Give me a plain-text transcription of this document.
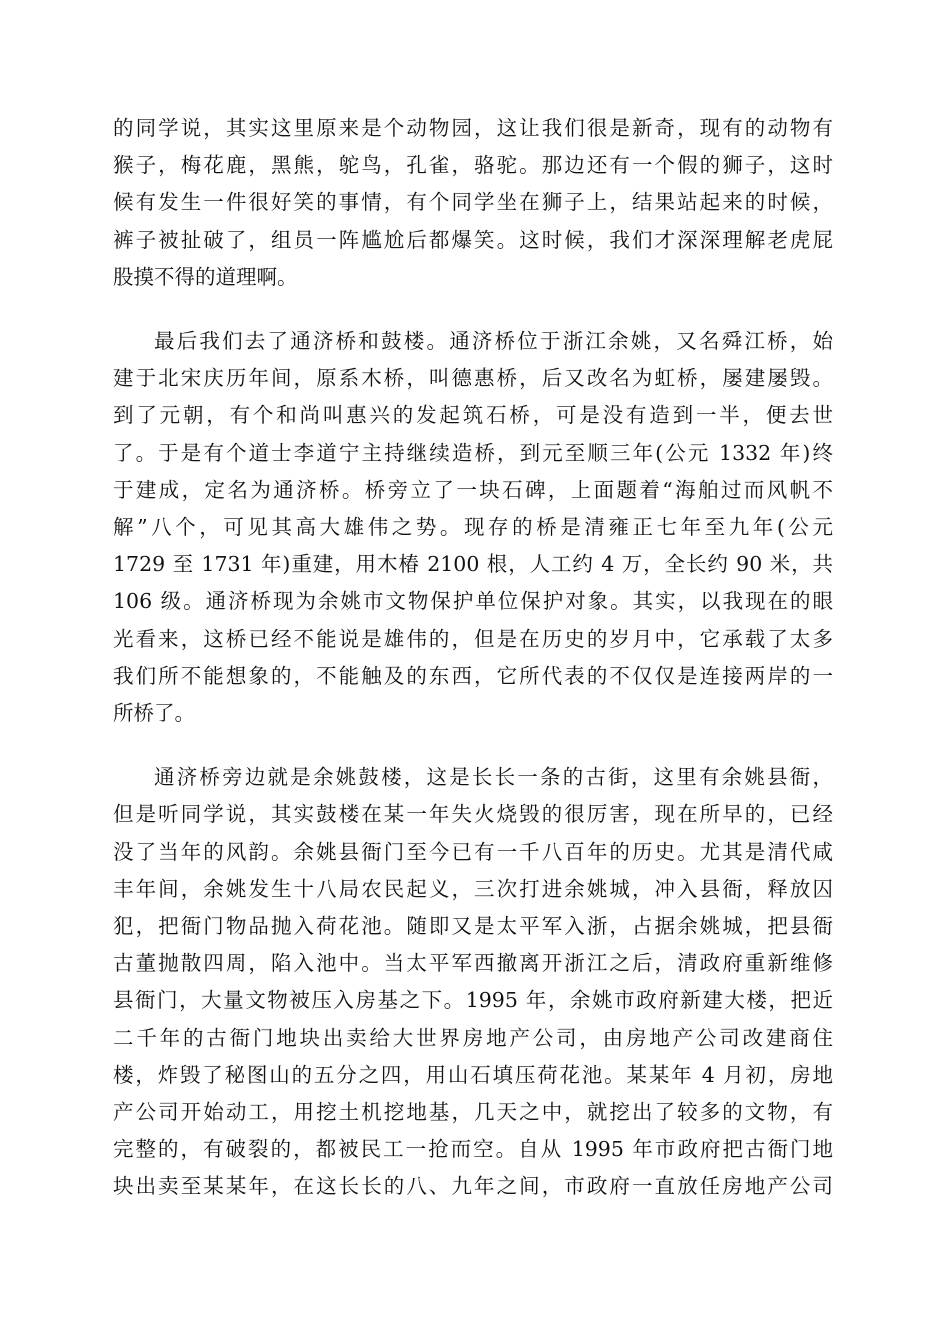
的同学说，其实这里原来是个动物园，这让我们很是新奇，现有的动物有
猴子，梅花鹿，黑熊，鸵鸟，孔雀，骆驼。那边还有一个假的狮子，这时
候有发生一件很好笑的事情，有个同学坐在狮子上，结果站起来的时候，
裤子被扯破了，组员一阵尴尬后都爆笑。这时候，我们才深深理解老虎屁
股摸不得的道理啊。
最后我们去了通济桥和鼓楼。通济桥位于浙江余姚，又名舜江桥，始
建于北宋庆历年间，原系木桥，叫德惠桥，后又改名为虹桥，屡建屡毁。
到了元朝，有个和尚叫惠兴的发起筑石桥，可是没有造到一半，便去世
了。于是有个道士李道宁主持继续造桥，到元至顺三年(公元 1332 年)终
于建成，定名为通济桥。桥旁立了一块石碑，上面题着“海舶过而风帆不
解”八个，可见其高大雄伟之势。现存的桥是清雍正七年至九年(公元
1729 至 1731 年)重建，用木椿 2100 根，人工约 4 万，全长约 90 米，共
106 级。通济桥现为余姚市文物保护单位保护对象。其实，以我现在的眼
光看来，这桥已经不能说是雄伟的，但是在历史的岁月中，它承载了太多
我们所不能想象的，不能触及的东西，它所代表的不仅仅是连接两岸的一
所桥了。
通济桥旁边就是余姚鼓楼，这是长长一条的古街，这里有余姚县衙，
但是听同学说，其实鼓楼在某一年失火烧毁的很厉害，现在所早的，已经
没了当年的风韵。余姚县衙门至今已有一千八百年的历史。尤其是清代咸
丰年间，余姚发生十八局农民起义，三次打进余姚城，冲入县衙，释放囚
犯，把衙门物品抛入荷花池。随即又是太平军入浙，占据余姚城，把县衙
古董抛散四周，陷入池中。当太平军西撤离开浙江之后，清政府重新维修
县衙门，大量文物被压入房基之下。1995 年，余姚市政府新建大楼，把近
二千年的古衙门地块出卖给大世界房地产公司，由房地产公司改建商住
楼，炸毁了秘图山的五分之四，用山石填压荷花池。某某年 4 月初，房地
产公司开始动工，用挖土机挖地基，几天之中，就挖出了较多的文物，有
完整的，有破裂的，都被民工一抢而空。自从 1995 年市政府把古衙门地
块出卖至某某年，在这长长的八、九年之间，市政府一直放任房地产公司
